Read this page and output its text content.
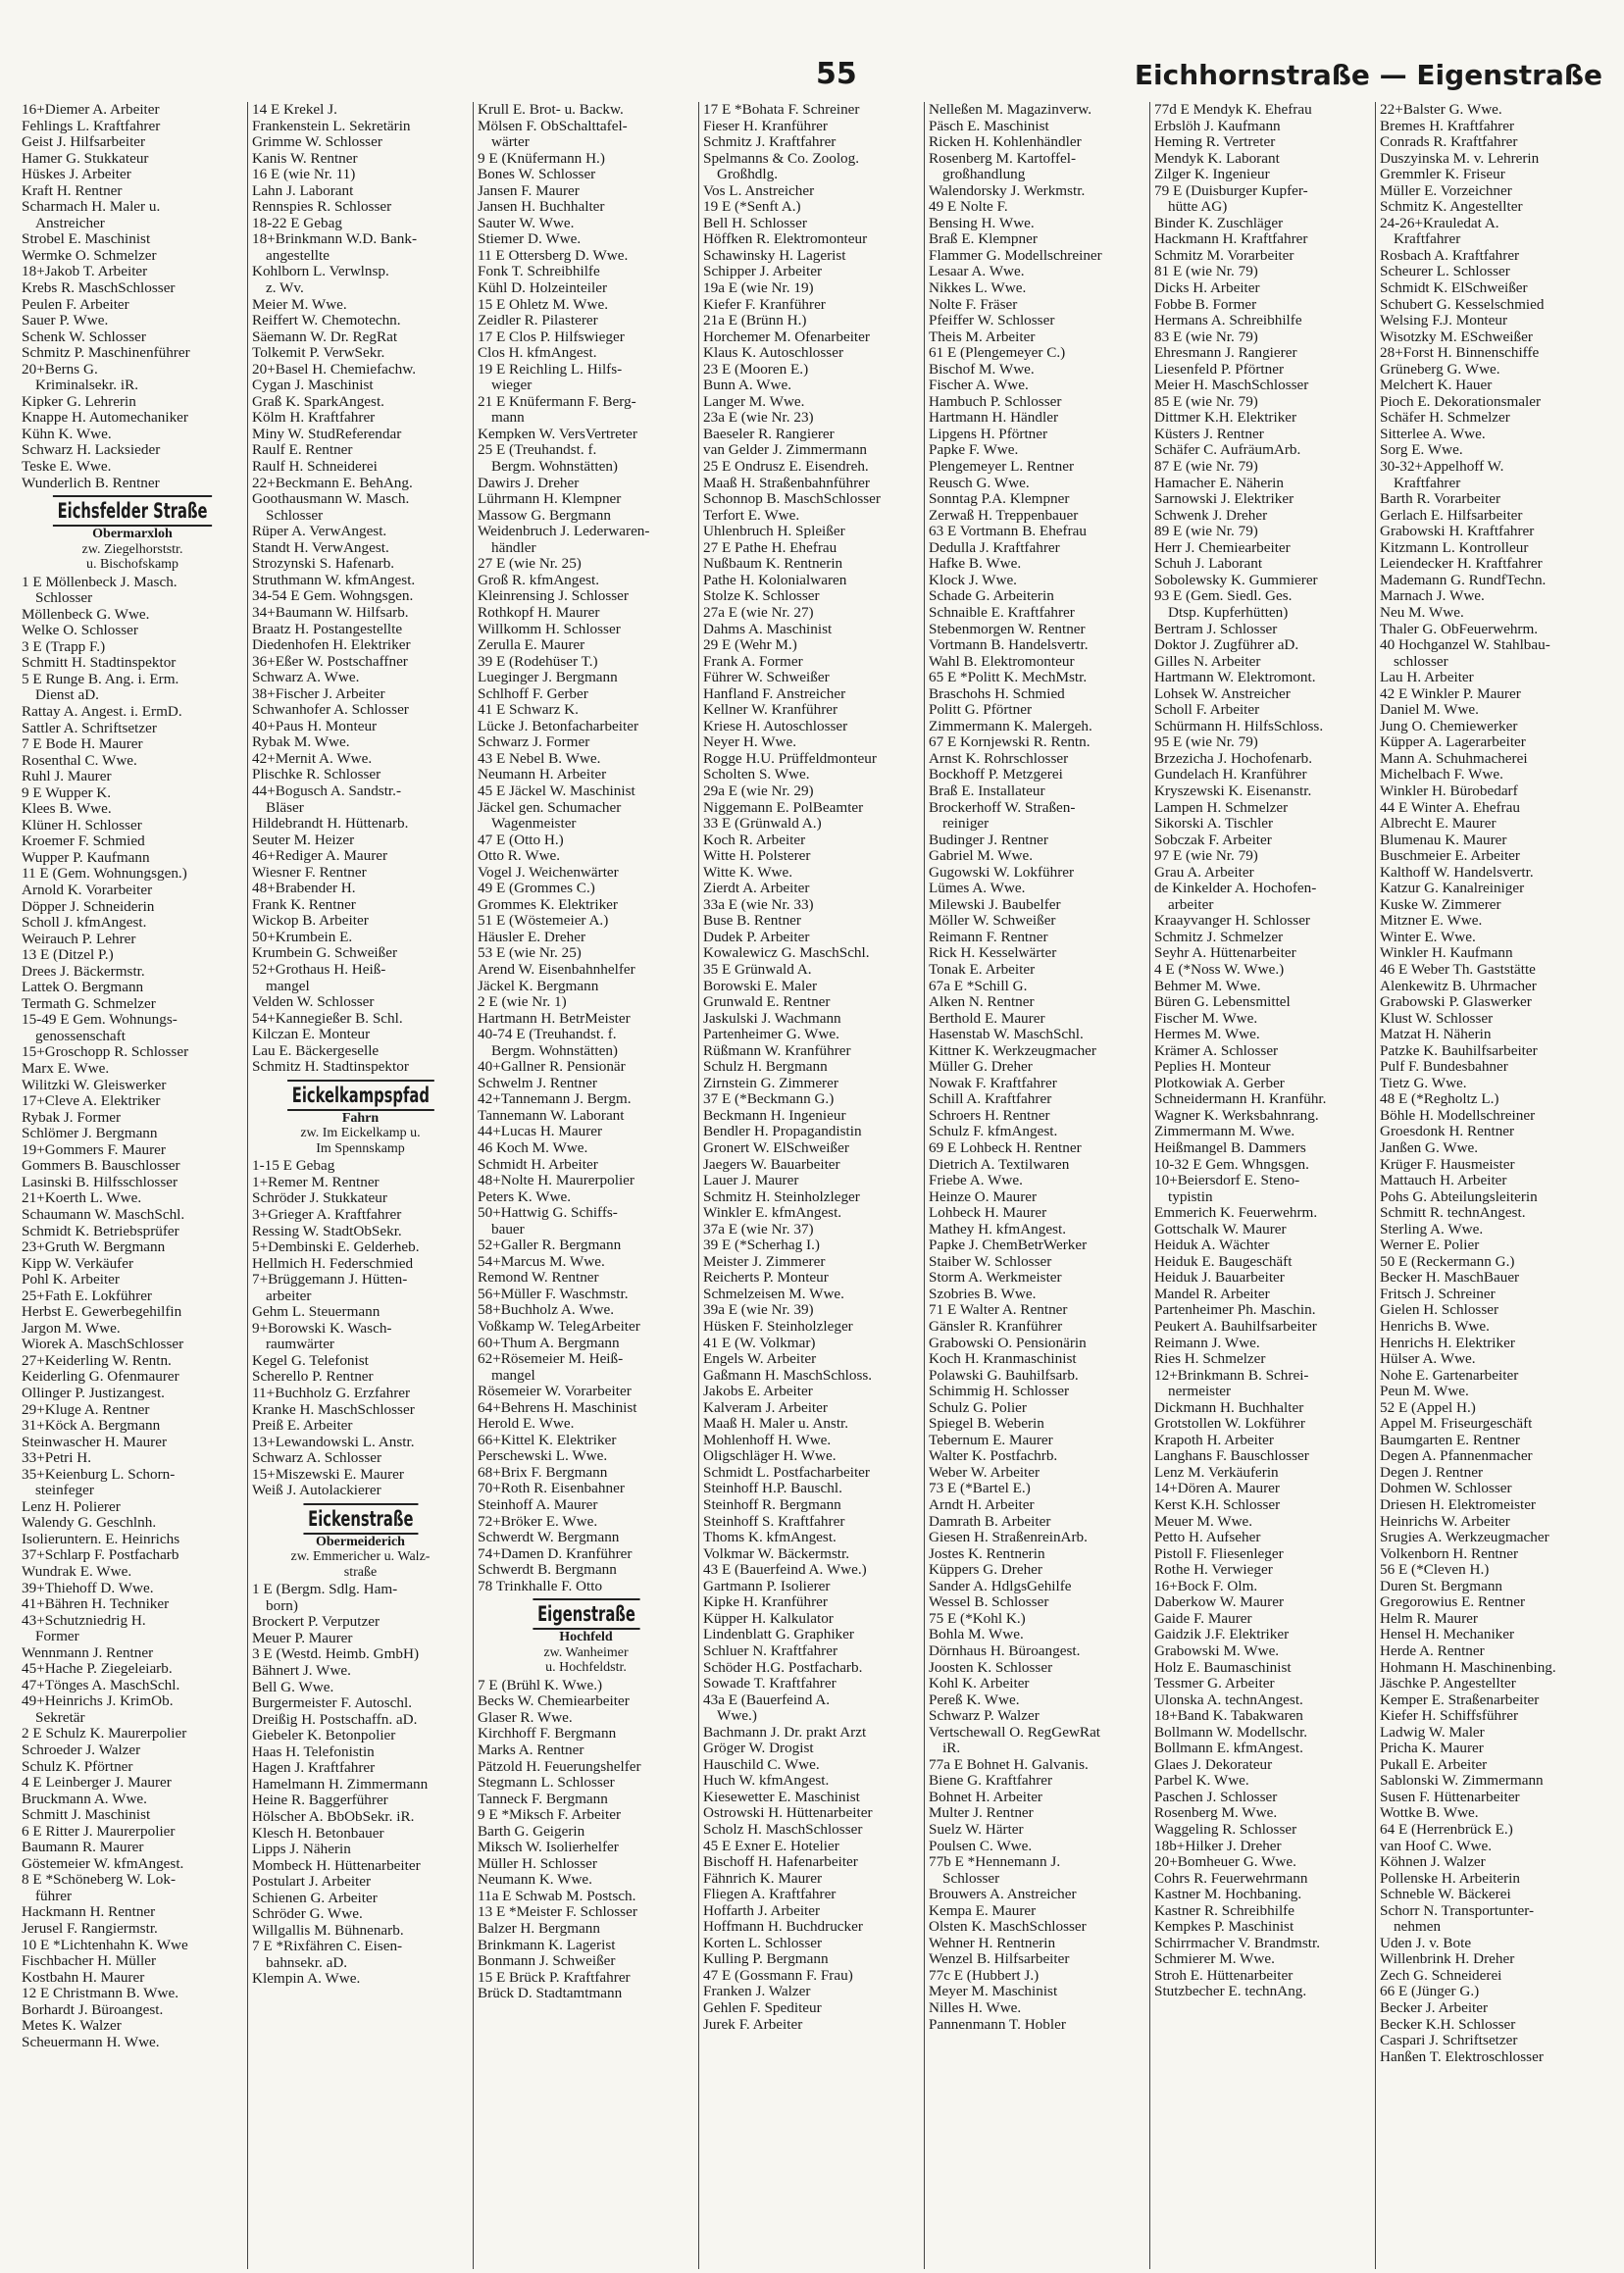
55	Eichhornstraße — Eigenstraße
16+Diemer A. Arbeiter
Fehlings L. Kraftfahrer
Geist J. Hilfsarbeiter
Hamer G. Stukkateur
Hüskes J. Arbeiter
Kraft H. Rentner
Scharmach H. Maler u.
Anstreicher
Strobel E. Maschinist
Wermke O. Schmelzer
18+Jakob T. Arbeiter
Krebs R. MaschSchlosser
Peulen F. Arbeiter
Sauer P. Wwe.
Schenk W. Schlosser
Schmitz P. Maschinenführer
20+Berns G.
Kriminalsekr. iR.
Kipker G. Lehrerin
Knappe H. Automechaniker
Kühn K. Wwe.
Schwarz H. Lacksieder
Teske E. Wwe.
Wunderlich B. Rentner
Eichsfelder Straße
Obermarxloh
zw. Ziegelhorststr.
u. Bischofskamp
1 E Möllenbeck J. Masch.
Schlosser
Möllenbeck G. Wwe.
Welke O. Schlosser
3 E (Trapp F.)
Schmitt H. Stadtinspektor
5 E Runge B. Ang. i. Erm.
Dienst aD.
Rattay A. Angest. i. ErmD.
Sattler A. Schriftsetzer
7 E Bode H. Maurer
Rosenthal C. Wwe.
Ruhl J. Maurer
9 E Wupper K.
Klees B. Wwe.
Klüner H. Schlosser
Kroemer F. Schmied
Wupper P. Kaufmann
11 E (Gem. Wohnungsgen.)
Arnold K. Vorarbeiter
Döpper J. Schneiderin
Scholl J. kfmAngest.
Weirauch P. Lehrer
13 E (Ditzel P.)
Drees J. Bäckermstr.
Lattek O. Bergmann
Termath G. Schmelzer
15-49 E Gem. Wohnungs-
genossenschaft
15+Groschopp R. Schlosser
Marx E. Wwe.
Wilitzki W. Gleiswerker
17+Cleve A. Elektriker
Rybak J. Former
Schlömer J. Bergmann
19+Gommers F. Maurer
Gommers B. Bauschlosser
Lasinski B. Hilfsschlosser
21+Koerth L. Wwe.
Schaumann W. MaschSchl.
Schmidt K. Betriebsprüfer
23+Gruth W. Bergmann
Kipp W. Verkäufer
Pohl K. Arbeiter
25+Fath E. Lokführer
Herbst E. Gewerbegehilfin
Jargon M. Wwe.
Wiorek A. MaschSchlosser
27+Keiderling W. Rentn.
Keiderling G. Ofenmaurer
Ollinger P. Justizangest.
29+Kluge A. Rentner
31+Köck A. Bergmann
Steinwascher H. Maurer
33+Petri H.
35+Keienburg L. Schorn-
steinfeger
Lenz H. Polierer
Walendy G. Geschlnh.
Isolieruntern. E. Heinrichs
37+Schlarp F. Postfacharb
Wundrak E. Wwe.
39+Thiehoff D. Wwe.
41+Bähren H. Techniker
43+Schutzniedrig H.
Former
Wennmann J. Rentner
45+Hache P. Ziegeleiarb.
47+Tönges A. MaschSchl.
49+Heinrichs J. KrimOb.
Sekretär
2 E Schulz K. Maurerpolier
Schroeder J. Walzer
Schulz K. Pförtner
4 E Leinberger J. Maurer
Bruckmann A. Wwe.
Schmitt J. Maschinist
6 E Ritter J. Maurerpolier
Baumann R. Maurer
Göstemeier W. kfmAngest.
8 E *Schöneberg W. Lok-
führer
Hackmann H. Rentner
Jerusel F. Rangiermstr.
10 E *Lichtenhahn K. Wwe
Fischbacher H. Müller
Kostbahn H. Maurer
12 E Christmann B. Wwe.
Borhardt J. Büroangest.
Metes K. Walzer
Scheuermann H. Wwe.
14 E Krekel J.
Frankenstein L. Sekretärin
Grimme W. Schlosser
Kanis W. Rentner
16 E (wie Nr. 11)
Lahn J. Laborant
Rennspies R. Schlosser
18-22 E Gebag
18+Brinkmann W.D. Bank-
angestellte
Kohlborn L. Verwlnsp.
z. Wv.
Meier M. Wwe.
Reiffert W. Chemotechn.
Säemann W. Dr. RegRat
Tolkemit P. VerwSekr.
20+Basel H. Chemiefachw.
Cygan J. Maschinist
Graß K. SparkAngest.
Kölm H. Kraftfahrer
Miny W. StudReferendar
Raulf E. Rentner
Raulf H. Schneiderei
22+Beckmann E. BehAng.
Goothausmann W. Masch.
Schlosser
Rüper A. VerwAngest.
Standt H. VerwAngest.
Strozynski S. Hafenarb.
Struthmann W. kfmAngest.
34-54 E Gem. Wohngsgen.
34+Baumann W. Hilfsarb.
Braatz H. Postangestellte
Diedenhofen H. Elektriker
36+Eßer W. Postschaffner
Schwarz A. Wwe.
38+Fischer J. Arbeiter
Schwanhofer A. Schlosser
40+Paus H. Monteur
Rybak M. Wwe.
42+Mernit A. Wwe.
Plischke R. Schlosser
44+Bogusch A. Sandstr.-
Bläser
Hildebrandt H. Hüttenarb.
Seuter M. Heizer
46+Rediger A. Maurer
Wiesner F. Rentner
48+Brabender H.
Frank K. Rentner
Wickop B. Arbeiter
50+Krumbein E.
Krumbein G. Schweißer
52+Grothaus H. Heiß-
mangel
Velden W. Schlosser
54+Kannegießer B. Schl.
Kilczan E. Monteur
Lau E. Bäckergeselle
Schmitz H. Stadtinspektor
Eickelkampspfad
Fahrn
zw. Im Eickelkamp u.
Im Spennskamp
1-15 E Gebag
1+Remer M. Rentner
Schröder J. Stukkateur
3+Grieger A. Kraftfahrer
Ressing W. StadtObSekr.
5+Dembinski E. Gelderheb.
Hellmich H. Federschmied
7+Brüggemann J. Hütten-
arbeiter
Gehm L. Steuermann
9+Borowski K. Wasch-
raumwärter
Kegel G. Telefonist
Scherello P. Rentner
11+Buchholz G. Erzfahrer
Kranke H. MaschSchlosser
Preiß E. Arbeiter
13+Lewandowski L. Anstr.
Schwarz A. Schlosser
15+Miszewski E. Maurer
Weiß J. Autolackierer
Eickenstraße
Obermeiderich
zw. Emmericher u. Walz-
straße
1 E (Bergm. Sdlg. Ham-
born)
Brockert P. Verputzer
Meuer P. Maurer
3 E (Westd. Heimb. GmbH)
Bähnert J. Wwe.
Bell G. Wwe.
Burgermeister F. Autoschl.
Dreißig H. Postschaffn. aD.
Giebeler K. Betonpolier
Haas H. Telefonistin
Hagen J. Kraftfahrer
Hamelmann H. Zimmermann
Heine R. Baggerführer
Hölscher A. BbObSekr. iR.
Klesch H. Betonbauer
Lipps J. Näherin
Mombeck H. Hüttenarbeiter
Postulart J. Arbeiter
Schienen G. Arbeiter
Schröder G. Wwe.
Willgallis M. Bühnenarb.
7 E *Rixfähren C. Eisen-
bahnsekr. aD.
Klempin A. Wwe.
Krull E. Brot- u. Backw.
Mölsen F. ObSchalttafel-
wärter
9 E (Knüfermann H.)
Bones W. Schlosser
Jansen F. Maurer
Jansen H. Buchhalter
Sauter W. Wwe.
Stiemer D. Wwe.
11 E Ottersberg D. Wwe.
Fonk T. Schreibhilfe
Kühl D. Holzeinteiler
15 E Ohletz M. Wwe.
Zeidler R. Pilasterer
17 E Clos P. Hilfswieger
Clos H. kfmAngest.
19 E Reichling L. Hilfs-
wieger
21 E Knüfermann F. Berg-
mann
Kempken W. VersVertreter
25 E (Treuhandst. f.
Bergm. Wohnstätten)
Dawirs J. Dreher
Lührmann H. Klempner
Massow G. Bergmann
Weidenbruch J. Lederwaren-
händler
27 E (wie Nr. 25)
Groß R. kfmAngest.
Kleinrensing J. Schlosser
Rothkopf H. Maurer
Willkomm H. Schlosser
Zerulla E. Maurer
39 E (Rodehüser T.)
Lueginger J. Bergmann
Schlhoff F. Gerber
41 E Schwarz K.
Lücke J. Betonfacharbeiter
Schwarz J. Former
43 E Nebel B. Wwe.
Neumann H. Arbeiter
45 E Jäckel W. Maschinist
Jäckel gen. Schumacher
Wagenmeister
47 E (Otto H.)
Otto R. Wwe.
Vogel J. Weichenwärter
49 E (Grommes C.)
Grommes K. Elektriker
51 E (Wöstemeier A.)
Häusler E. Dreher
53 E (wie Nr. 25)
Arend W. Eisenbahnhelfer
Jäckel K. Bergmann
2 E (wie Nr. 1)
Hartmann H. BetrMeister
40-74 E (Treuhandst. f.
Bergm. Wohnstätten)
40+Gallner R. Pensionär
Schwelm J. Rentner
42+Tannemann J. Bergm.
Tannemann W. Laborant
44+Lucas H. Maurer
46 Koch M. Wwe.
Schmidt H. Arbeiter
48+Nolte H. Maurerpolier
Peters K. Wwe.
50+Hattwig G. Schiffs-
bauer
52+Galler R. Bergmann
54+Marcus M. Wwe.
Remond W. Rentner
56+Müller F. Waschmstr.
58+Buchholz A. Wwe.
Voßkamp W. TelegArbeiter
60+Thum A. Bergmann
62+Rösemeier M. Heiß-
mangel
Rösemeier W. Vorarbeiter
64+Behrens H. Maschinist
Herold E. Wwe.
66+Kittel K. Elektriker
Perschewski L. Wwe.
68+Brix F. Bergmann
70+Roth R. Eisenbahner
Steinhoff A. Maurer
72+Bröker E. Wwe.
Schwerdt W. Bergmann
74+Damen D. Kranführer
Schwerdt B. Bergmann
78 Trinkhalle F. Otto
Eigenstraße
Hochfeld
zw. Wanheimer
u. Hochfeldstr.
7 E (Brühl K. Wwe.)
Becks W. Chemiearbeiter
Glaser R. Wwe.
Kirchhoff F. Bergmann
Marks A. Rentner
Pätzold H. Feuerungshelfer
Stegmann L. Schlosser
Tanneck F. Bergmann
9 E *Miksch F. Arbeiter
Barth G. Geigerin
Miksch W. Isolierhelfer
Müller H. Schlosser
Neumann K. Wwe.
11a E Schwab M. Postsch.
13 E *Meister F. Schlosser
Balzer H. Bergmann
Brinkmann K. Lagerist
Bonmann J. Schweißer
15 E Brück P. Kraftfahrer
Brück D. Stadtamtmann
17 E *Bohata F. Schreiner
Fieser H. Kranführer
Schmitz J. Kraftfahrer
Spelmanns & Co. Zoolog.
Großhdlg.
Vos L. Anstreicher
19 E (*Senft A.)
Bell H. Schlosser
Höffken R. Elektromonteur
Schawinsky H. Lagerist
Schipper J. Arbeiter
19a E (wie Nr. 19)
Kiefer F. Kranführer
21a E (Brünn H.)
Horchemer M. Ofenarbeiter
Klaus K. Autoschlosser
23 E (Mooren E.)
Bunn A. Wwe.
Langer M. Wwe.
23a E (wie Nr. 23)
Baeseler R. Rangierer
van Gelder J. Zimmermann
25 E Ondrusz E. Eisendreh.
Maaß H. Straßenbahnführer
Schonnop B. MaschSchlosser
Terfort E. Wwe.
Uhlenbruch H. Spleißer
27 E Pathe H. Ehefrau
Nußbaum K. Rentnerin
Pathe H. Kolonialwaren
Stolze K. Schlosser
27a E (wie Nr. 27)
Dahms A. Maschinist
29 E (Wehr M.)
Frank A. Former
Führer W. Schweißer
Hanfland F. Anstreicher
Kellner W. Kranführer
Kriese H. Autoschlosser
Neyer H. Wwe.
Rogge H.U. Prüffeldmonteur
Scholten S. Wwe.
29a E (wie Nr. 29)
Niggemann E. PolBeamter
33 E (Grünwald A.)
Koch R. Arbeiter
Witte H. Polsterer
Witte K. Wwe.
Zierdt A. Arbeiter
33a E (wie Nr. 33)
Buse B. Rentner
Dudek P. Arbeiter
Kowalewicz G. MaschSchl.
35 E Grünwald A.
Borowski E. Maler
Grunwald E. Rentner
Jaskulski J. Wachmann
Partenheimer G. Wwe.
Rüßmann W. Kranführer
Schulz H. Bergmann
Zirnstein G. Zimmerer
37 E (*Beckmann G.)
Beckmann H. Ingenieur
Bendler H. Propagandistin
Gronert W. ElSchweißer
Jaegers W. Bauarbeiter
Lauer J. Maurer
Schmitz H. Steinholzleger
Winkler E. kfmAngest.
37a E (wie Nr. 37)
39 E (*Scherhag I.)
Meister J. Zimmerer
Reicherts P. Monteur
Schmelzeisen M. Wwe.
39a E (wie Nr. 39)
Hüsken F. Steinholzleger
41 E (W. Volkmar)
Engels W. Arbeiter
Gaßmann H. MaschSchloss.
Jakobs E. Arbeiter
Kalveram J. Arbeiter
Maaß H. Maler u. Anstr.
Mohlenhoff H. Wwe.
Oligschläger H. Wwe.
Schmidt L. Postfacharbeiter
Steinhoff H.P. Bauschl.
Steinhoff R. Bergmann
Steinhoff S. Kraftfahrer
Thoms K. kfmAngest.
Volkmar W. Bäckermstr.
43 E (Bauerfeind A. Wwe.)
Gartmann P. Isolierer
Kipke H. Kranführer
Küpper H. Kalkulator
Lindenblatt G. Graphiker
Schluer N. Kraftfahrer
Schöder H.G. Postfacharb.
Sowade T. Kraftfahrer
43a E (Bauerfeind A.
Wwe.)
Bachmann J. Dr. prakt Arzt
Gröger W. Drogist
Hauschild C. Wwe.
Huch W. kfmAngest.
Kiesewetter E. Maschinist
Ostrowski H. Hüttenarbeiter
Scholz H. MaschSchlosser
45 E Exner E. Hotelier
Bischoff H. Hafenarbeiter
Fähnrich K. Maurer
Fliegen A. Kraftfahrer
Hoffarth J. Arbeiter
Hoffmann H. Buchdrucker
Korten L. Schlosser
Kulling P. Bergmann
47 E (Gossmann F. Frau)
Franken J. Walzer
Gehlen F. Spediteur
Jurek F. Arbeiter
Nelleßen M. Magazinverw.
Päsch E. Maschinist
Ricken H. Kohlenhändler
Rosenberg M. Kartoffel-
großhandlung
Walendorsky J. Werkmstr.
49 E Nolte F.
Bensing H. Wwe.
Braß E. Klempner
Flammer G. Modellschreiner
Lesaar A. Wwe.
Nikkes L. Wwe.
Nolte F. Fräser
Pfeiffer W. Schlosser
Theis M. Arbeiter
61 E (Plengemeyer C.)
Bischof M. Wwe.
Fischer A. Wwe.
Hambuch P. Schlosser
Hartmann H. Händler
Lipgens H. Pförtner
Papke F. Wwe.
Plengemeyer L. Rentner
Reusch G. Wwe.
Sonntag P.A. Klempner
Zerwaß H. Treppenbauer
63 E Vortmann B. Ehefrau
Dedulla J. Kraftfahrer
Hafke B. Wwe.
Klock J. Wwe.
Schade G. Arbeiterin
Schnaible E. Kraftfahrer
Stebenmorgen W. Rentner
Vortmann B. Handelsvertr.
Wahl B. Elektromonteur
65 E *Politt K. MechMstr.
Braschohs H. Schmied
Politt G. Pförtner
Zimmermann K. Malergeh.
67 E Kornjewski R. Rentn.
Arnst K. Rohrschlosser
Bockhoff P. Metzgerei
Braß E. Installateur
Brockerhoff W. Straßen-
reiniger
Budinger J. Rentner
Gabriel M. Wwe.
Gugowski W. Lokführer
Lümes A. Wwe.
Milewski J. Baubelfer
Möller W. Schweißer
Reimann F. Rentner
Rick H. Kesselwärter
Tonak E. Arbeiter
67a E *Schill G.
Alken N. Rentner
Berthold E. Maurer
Hasenstab W. MaschSchl.
Kittner K. Werkzeugmacher
Müller G. Dreher
Nowak F. Kraftfahrer
Schill A. Kraftfahrer
Schroers H. Rentner
Schulz F. kfmAngest.
69 E Lohbeck H. Rentner
Dietrich A. Textilwaren
Friebe A. Wwe.
Heinze O. Maurer
Lohbeck H. Maurer
Mathey H. kfmAngest.
Papke J. ChemBetrWerker
Staiber W. Schlosser
Storm A. Werkmeister
Szobries B. Wwe.
71 E Walter A. Rentner
Gänsler R. Kranführer
Grabowski O. Pensionärin
Koch H. Kranmaschinist
Polawski G. Bauhilfsarb.
Schimmig H. Schlosser
Schulz G. Polier
Spiegel B. Weberin
Tebernum E. Maurer
Walter K. Postfachrb.
Weber W. Arbeiter
73 E (*Bartel E.)
Arndt H. Arbeiter
Damrath B. Arbeiter
Giesen H. StraßenreinArb.
Jostes K. Rentnerin
Küppers G. Dreher
Sander A. HdlgsGehilfe
Wessel B. Schlosser
75 E (*Kohl K.)
Bohla M. Wwe.
Dörnhaus H. Büroangest.
Joosten K. Schlosser
Kohl K. Arbeiter
Pereß K. Wwe.
Schwarz P. Walzer
Vertschewall O. RegGewRat
iR.
77a E Bohnet H. Galvanis.
Biene G. Kraftfahrer
Bohnet H. Arbeiter
Multer J. Rentner
Suelz W. Härter
Poulsen C. Wwe.
77b E *Hennemann J.
Schlosser
Brouwers A. Anstreicher
Kempa E. Maurer
Olsten K. MaschSchlosser
Wehner H. Rentnerin
Wenzel B. Hilfsarbeiter
77c E (Hubbert J.)
Meyer M. Maschinist
Nilles H. Wwe.
Pannenmann T. Hobler
77d E Mendyk K. Ehefrau
Erbslöh J. Kaufmann
Heming R. Vertreter
Mendyk K. Laborant
Zilger K. Ingenieur
79 E (Duisburger Kupfer-
hütte AG)
Binder K. Zuschläger
Hackmann H. Kraftfahrer
Schmitz M. Vorarbeiter
81 E (wie Nr. 79)
Dicks H. Arbeiter
Fobbe B. Former
Hermans A. Schreibhilfe
83 E (wie Nr. 79)
Ehresmann J. Rangierer
Liesenfeld P. Pförtner
Meier H. MaschSchlosser
85 E (wie Nr. 79)
Dittmer K.H. Elektriker
Küsters J. Rentner
Schäfer C. AufräumArb.
87 E (wie Nr. 79)
Hamacher E. Näherin
Sarnowski J. Elektriker
Schwenk J. Dreher
89 E (wie Nr. 79)
Herr J. Chemiearbeiter
Schuh J. Laborant
Sobolewsky K. Gummierer
93 E (Gem. Siedl. Ges.
Dtsp. Kupferhütten)
Bertram J. Schlosser
Doktor J. Zugführer aD.
Gilles N. Arbeiter
Hartmann W. Elektromont.
Lohsek W. Anstreicher
Scholl F. Arbeiter
Schürmann H. HilfsSchloss.
95 E (wie Nr. 79)
Brzezicha J. Hochofenarb.
Gundelach H. Kranführer
Kryszewski K. Eisenanstr.
Lampen H. Schmelzer
Sikorski A. Tischler
Sobczak F. Arbeiter
97 E (wie Nr. 79)
Grau A. Arbeiter
de Kinkelder A. Hochofen-
arbeiter
Kraayvanger H. Schlosser
Schmitz J. Schmelzer
Seyhr A. Hüttenarbeiter
4 E (*Noss W. Wwe.)
Behmer M. Wwe.
Büren G. Lebensmittel
Fischer M. Wwe.
Hermes M. Wwe.
Krämer A. Schlosser
Peplies H. Monteur
Plotkowiak A. Gerber
Schneidermann H. Kranführ.
Wagner K. Werksbahnrang.
Zimmermann M. Wwe.
Heißmangel B. Dammers
10-32 E Gem. Whngsgen.
10+Beiersdorf E. Steno-
typistin
Emmerich K. Feuerwehrm.
Gottschalk W. Maurer
Heiduk A. Wächter
Heiduk E. Baugeschäft
Heiduk J. Bauarbeiter
Mandel R. Arbeiter
Partenheimer Ph. Maschin.
Peukert A. Bauhilfsarbeiter
Reimann J. Wwe.
Ries H. Schmelzer
12+Brinkmann B. Schrei-
nermeister
Dickmann H. Buchhalter
Grotstollen W. Lokführer
Krapoth H. Arbeiter
Langhans F. Bauschlosser
Lenz M. Verkäuferin
14+Dören A. Maurer
Kerst K.H. Schlosser
Meuer M. Wwe.
Petto H. Aufseher
Pistoll F. Fliesenleger
Rothe H. Verwieger
16+Bock F. Olm.
Daberkow W. Maurer
Gaide F. Maurer
Gaidzik J.F. Elektriker
Grabowski M. Wwe.
Holz E. Baumaschinist
Tessmer G. Arbeiter
Ulonska A. technAngest.
18+Band K. Tabakwaren
Bollmann W. Modellschr.
Bollmann E. kfmAngest.
Glaes J. Dekorateur
Parbel K. Wwe.
Paschen J. Schlosser
Rosenberg M. Wwe.
Waggeling R. Schlosser
18b+Hilker J. Dreher
20+Bomheuer G. Wwe.
Cohrs R. Feuerwehrmann
Kastner M. Hochbaning.
Kastner R. Schreibhilfe
Kempkes P. Maschinist
Schirrmacher V. Brandmstr.
Schmierer M. Wwe.
Stroh E. Hüttenarbeiter
Stutzbecher E. technAng.
22+Balster G. Wwe.
Bremes H. Kraftfahrer
Conrads R. Kraftfahrer
Duszyinska M. v. Lehrerin
Gremmler K. Friseur
Müller E. Vorzeichner
Schmitz K. Angestellter
24-26+Krauledat A.
Kraftfahrer
Rosbach A. Kraftfahrer
Scheurer L. Schlosser
Schmidt K. ElSchweißer
Schubert G. Kesselschmied
Welsing F.J. Monteur
Wisotzky M. ESchweißer
28+Forst H. Binnenschiffe
Grüneberg G. Wwe.
Melchert K. Hauer
Pioch E. Dekorationsmaler
Schäfer H. Schmelzer
Sitterlee A. Wwe.
Sorg E. Wwe.
30-32+Appelhoff W.
Kraftfahrer
Barth R. Vorarbeiter
Gerlach E. Hilfsarbeiter
Grabowski H. Kraftfahrer
Kitzmann L. Kontrolleur
Leiendecker H. Kraftfahrer
Mademann G. RundfTechn.
Marnach J. Wwe.
Neu M. Wwe.
Thaler G. ObFeuerwehrm.
40 Hochganzel W. Stahlbau-
schlosser
Lau H. Arbeiter
42 E Winkler P. Maurer
Daniel M. Wwe.
Jung O. Chemiewerker
Küpper A. Lagerarbeiter
Mann A. Schuhmacherei
Michelbach F. Wwe.
Winkler H. Bürobedarf
44 E Winter A. Ehefrau
Albrecht E. Maurer
Blumenau K. Maurer
Buschmeier E. Arbeiter
Kalthoff W. Handelsvertr.
Katzur G. Kanalreiniger
Kuske W. Zimmerer
Mitzner E. Wwe.
Winter E. Wwe.
Winkler H. Kaufmann
46 E Weber Th. Gaststätte
Alenkewitz B. Uhrmacher
Grabowski P. Glaswerker
Klust W. Schlosser
Matzat H. Näherin
Patzke K. Bauhilfsarbeiter
Pulf F. Bundesbahner
Tietz G. Wwe.
48 E (*Regholtz L.)
Böhle H. Modellschreiner
Groesdonk H. Rentner
Janßen G. Wwe.
Krüger F. Hausmeister
Mattauch H. Arbeiter
Pohs G. Abteilungsleiterin
Schmitt R. technAngest.
Sterling A. Wwe.
Werner E. Polier
50 E (Reckermann G.)
Becker H. MaschBauer
Fritsch J. Schreiner
Gielen H. Schlosser
Henrichs B. Wwe.
Henrichs H. Elektriker
Hülser A. Wwe.
Nohe E. Gartenarbeiter
Peun M. Wwe.
52 E (Appel H.)
Appel M. Friseurgeschäft
Baumgarten E. Rentner
Degen A. Pfannenmacher
Degen J. Rentner
Dohmen W. Schlosser
Driesen H. Elektromeister
Heinrichs W. Arbeiter
Srugies A. Werkzeugmacher
Volkenborn H. Rentner
56 E (*Cleven H.)
Duren St. Bergmann
Gregorowius E. Rentner
Helm R. Maurer
Hensel H. Mechaniker
Herde A. Rentner
Hohmann H. Maschinenbing.
Jäschke P. Angestellter
Kemper E. Straßenarbeiter
Kiefer H. Schiffsführer
Ladwig W. Maler
Pricha K. Maurer
Pukall E. Arbeiter
Sablonski W. Zimmermann
Susen F. Hüttenarbeiter
Wottke B. Wwe.
64 E (Herrenbrück E.)
van Hoof C. Wwe.
Köhnen J. Walzer
Pollenske H. Arbeiterin
Schneble W. Bäckerei
Schorr N. Transportunter-
nehmen
Uden J. v. Bote
Willenbrink H. Dreher
Zech G. Schneiderei
66 E (Jünger G.)
Becker J. Arbeiter
Becker K.H. Schlosser
Caspari J. Schriftsetzer
Hanßen T. Elektroschlosser
